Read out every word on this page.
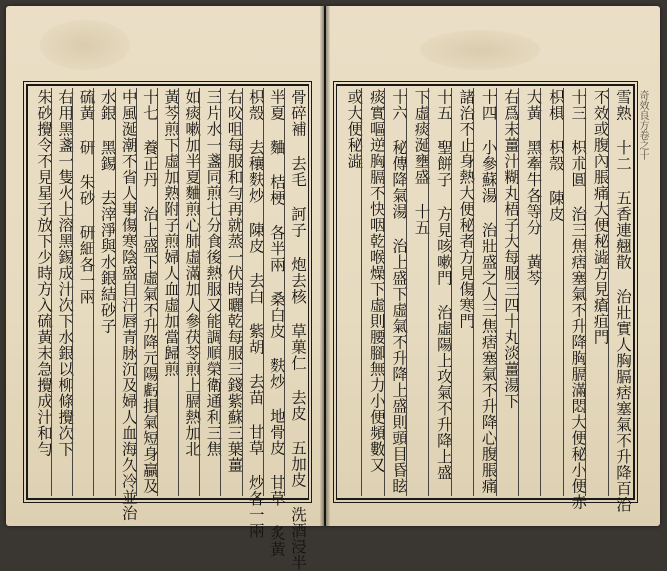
奇效良方卷之十
雪熟 十二 五香連翹散 治壯實人胸膈痞塞氣不升降百治
不效或腹內脹痛大便秘澁方見瘡疽門
十三 枳朮圓 治三焦痞塞氣不升降胸膈滿悶大便秘小便赤
枳椇 枳殼 陳皮
大黃 黑牽牛各等分 黃芩
右爲末薑汁糊丸梧子大每服三四十丸淡薑湯下
十四 小參蘇湯 治壯盛之人三焦痞塞氣不升降心腹脹痛
諸治不止身熱大便秘者方見傷寒門
十五 聖餅子 方見咳嗽門 治虛陽上攻氣不升降上盛
下虛痰涎壅盛 十五
十六 秘傳降氣湯 治上盛下虛氣不升降上盛則頭目昏眩
痰實嘔逆胸膈不快咽乾喉燥下虛則腰腳無力小便頻數又
或大便秘澁
骨碎補 去毛 訶子 炮去核 草菓仁 去皮 五加皮 洗酒浸半
半夏 麯 桔梗 各半兩 桑白皮 麩炒 地骨皮 甘草 炙黃
枳殼 去穰麩炒 陳皮 去白 紫胡 去苗 甘草 炒各一兩
右㕮咀每服和勻再就蒸一伏時曬乾每服三錢紫蘇三葉薑
三片水一盞同煎七分食後熱服又能調順榮衛通利三焦
如痰嗽加半夏麯煎心肺虛滿加人參茯苓煎上膈熱加北
黃芩煎下虛加熟附子煎婦人血虛加當歸煎
十七 養正丹 治上盛下虛氣不升降元陽虧損氣短身贏及
中風涎潮不省人事傷寒陰盛自汗唇青脉沉及婦人血海久冷並治
水銀 黑錫 去滓淨與水銀結砂子
硫黃 研 朱砂 研細各一兩
右用黑盞一隻火上溶黑錫成汁次下水銀以柳條攪次下
朱砂攪令不見星子放下少時方入硫黃末急攪成汁和勻
